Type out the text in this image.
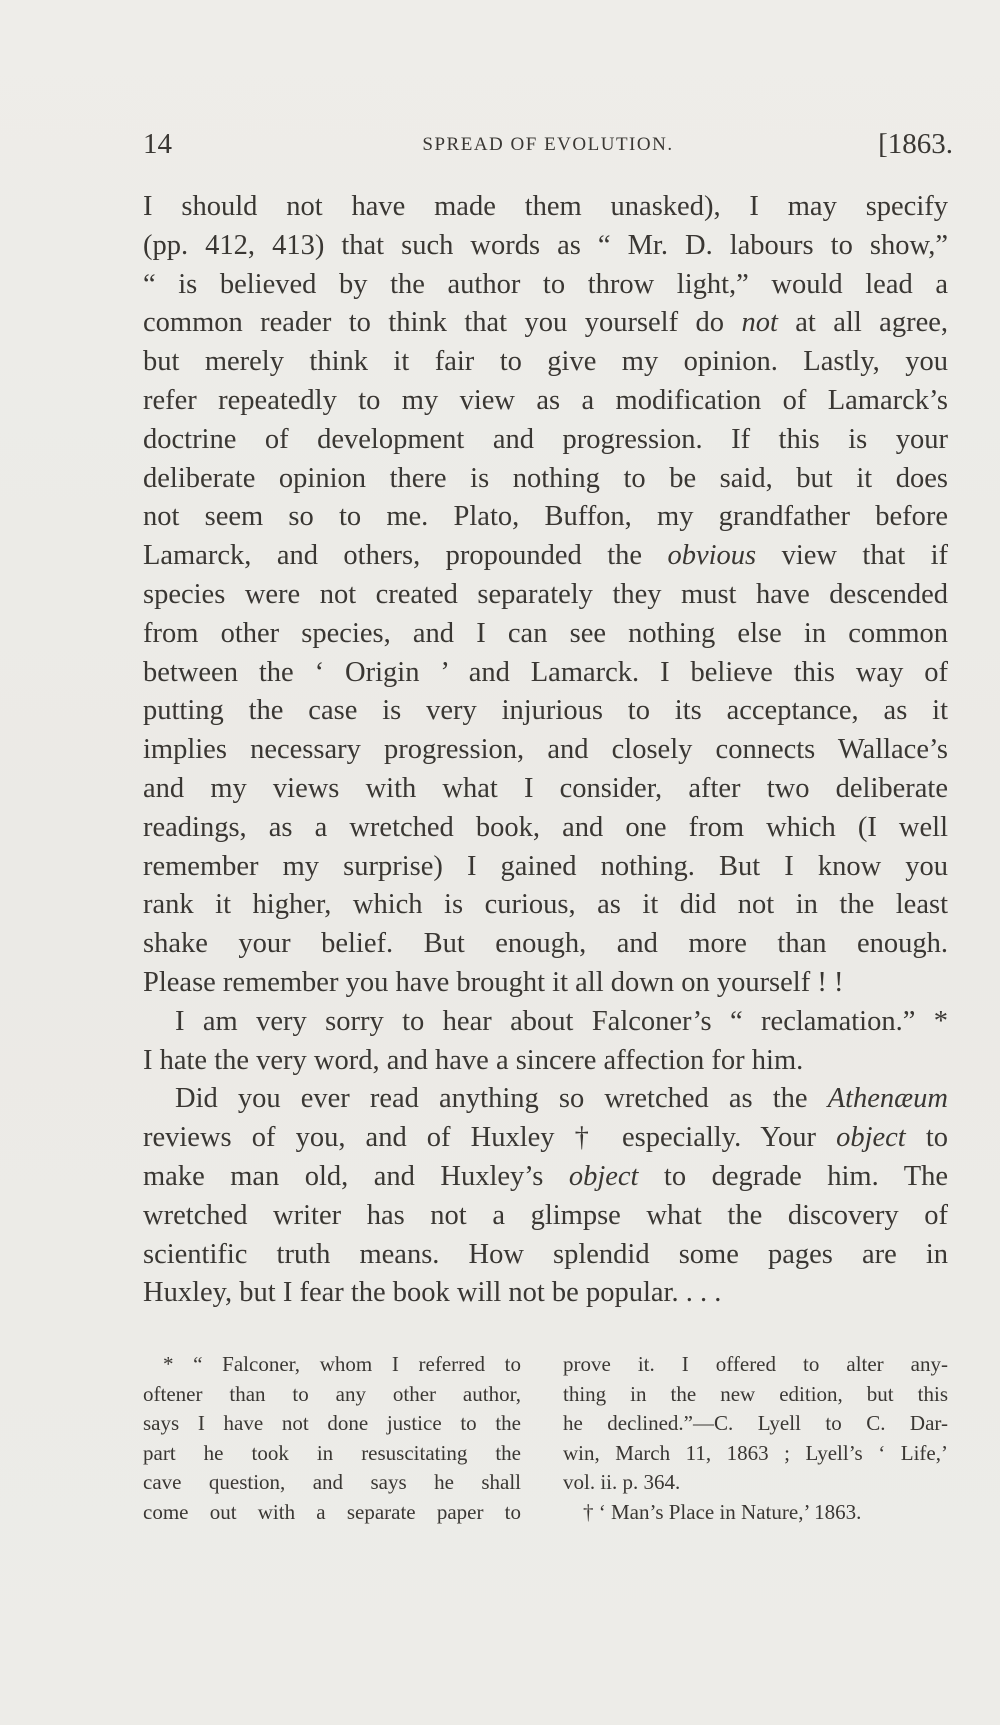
14	SPREAD OF EVOLUTION.	[1863.
I should not have made them unasked), I may specify
(pp. 412, 413) that such words as “ Mr. D. labours to show,”
“ is believed by the author to throw light,” would lead a
common reader to think that you yourself do not at all agree,
but merely think it fair to give my opinion. Lastly, you
refer repeatedly to my view as a modification of Lamarck’s
doctrine of development and progression. If this is your
deliberate opinion there is nothing to be said, but it does
not seem so to me. Plato, Buffon, my grandfather before
Lamarck, and others, propounded the obvious view that if
species were not created separately they must have descended
from other species, and I can see nothing else in common
between the ‘ Origin ’ and Lamarck. I believe this way of
putting the case is very injurious to its acceptance, as it
implies necessary progression, and closely connects Wallace’s
and my views with what I consider, after two deliberate
readings, as a wretched book, and one from which (I well
remember my surprise) I gained nothing. But I know you
rank it higher, which is curious, as it did not in the least
shake your belief. But enough, and more than enough.
Please remember you have brought it all down on yourself ! !
I am very sorry to hear about Falconer’s “ reclamation.” *
I hate the very word, and have a sincere affection for him.
Did you ever read anything so wretched as the Athenæum
reviews of you, and of Huxley † especially. Your object to
make man old, and Huxley’s object to degrade him. The
wretched writer has not a glimpse what the discovery of
scientific truth means. How splendid some pages are in
Huxley, but I fear the book will not be popular. . . .
* “ Falconer, whom I referred to
oftener than to any other author,
says I have not done justice to the
part he took in resuscitating the
cave question, and says he shall
come out with a separate paper to
prove it. I offered to alter any-
thing in the new edition, but this
he declined.”—C. Lyell to C. Dar-
win, March 11, 1863 ; Lyell’s ‘ Life,’
vol. ii. p. 364.
† ‘ Man’s Place in Nature,’ 1863.
